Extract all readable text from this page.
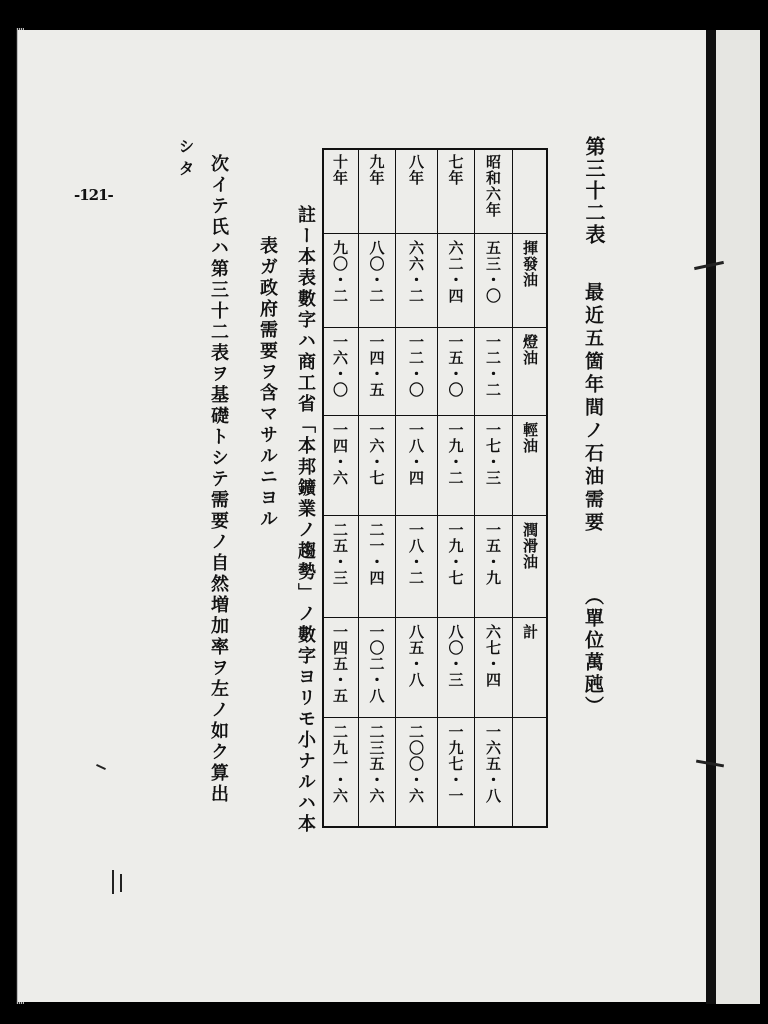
第三十二表
最近五箇年間ノ石油需要
（單位萬瓲）
揮發油
燈油
輕油
潤滑油
計
昭和六年
五三・〇
一二・二
一七・三
一五・九
六七・四
一六五・八
七年
六二・四
一五・〇
一九・二
一九・七
八〇・三
一九七・一
八年
六六・二
一二・〇
一八・四
一八・二
八五・八
二〇〇・六
九年
八〇・二
一四・五
一六・七
二一・四
一〇二・八
二三五・六
十年
九〇・二
一六・〇
一四・六
二五・三
一四五・五
二九一・六
註ー本表數字ハ商工省「本邦鑛業ノ趨勢」ノ數字ヨリモ小ナルハ本
表ガ政府需要ヲ含マサルニヨル
次イテ氏ハ第三十二表ヲ基礎トシテ需要ノ自然増加率ヲ左ノ如ク算出
シタ
-121-
